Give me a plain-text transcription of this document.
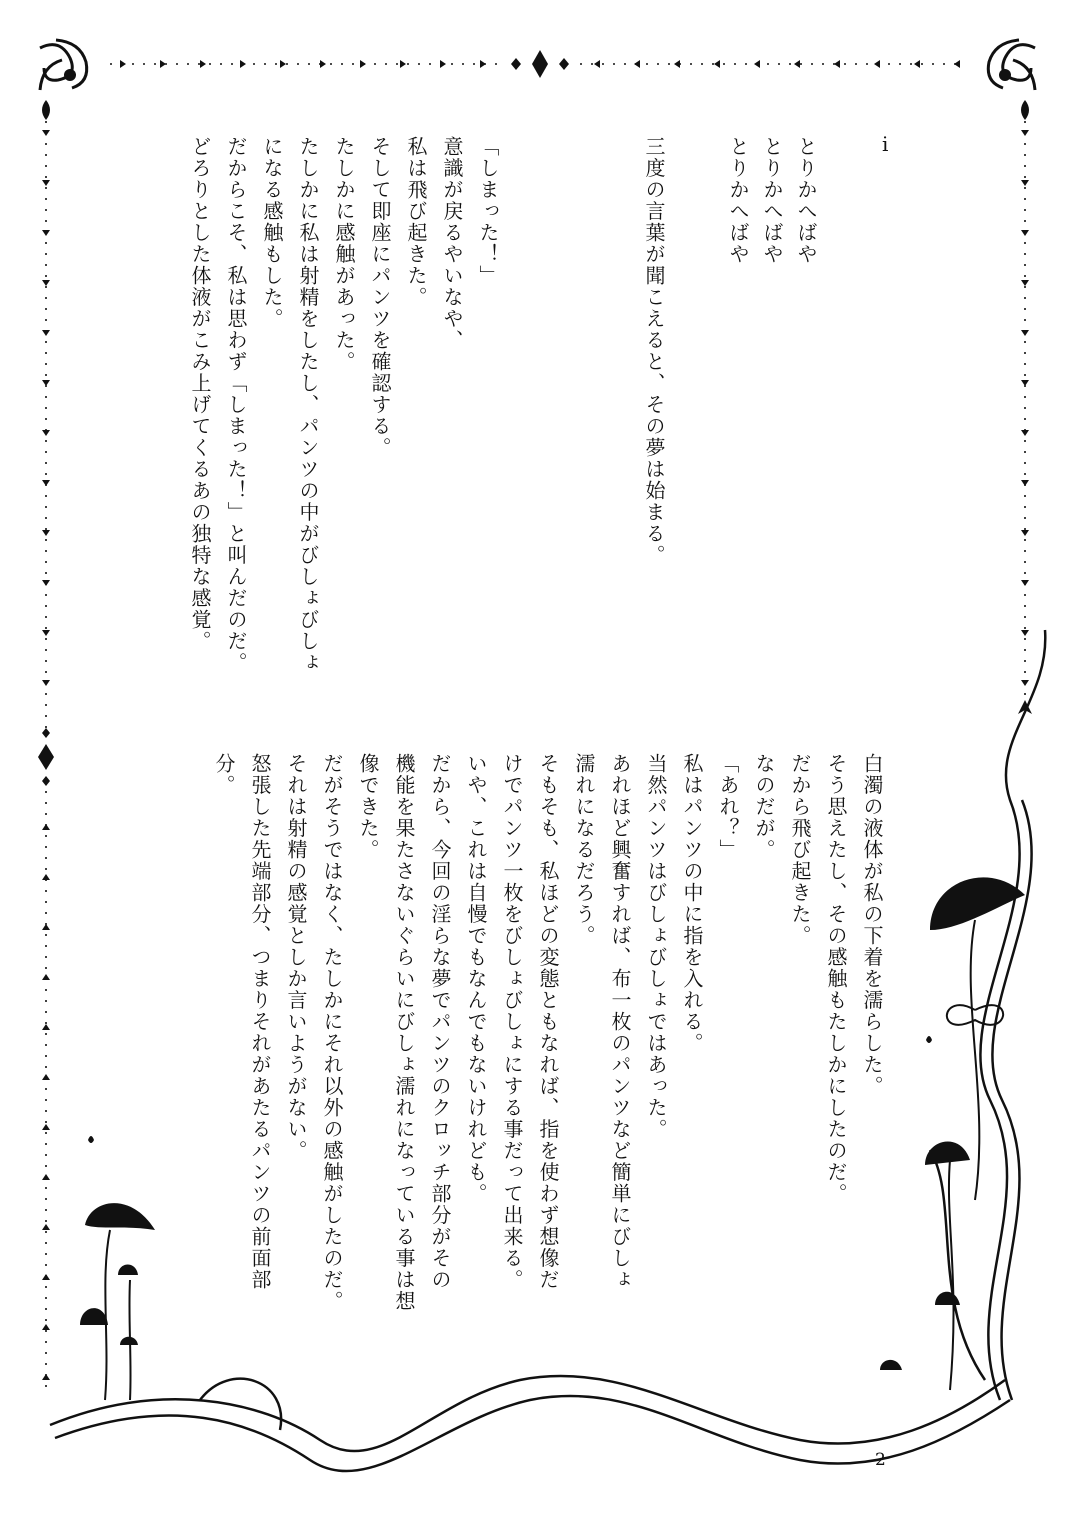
i
とりかへばや
とりかへばや
とりかへばや
三度の言葉が聞こえると、その夢は始まる。
「しまった！」
意識が戻るやいなや、
私は飛び起きた。
そして即座にパンツを確認する。
たしかに感触があった。
たしかに私は射精をしたし、パンツの中がびしょびしょ
になる感触もした。
だからこそ、私は思わず「しまった！」と叫んだのだ。
どろりとした体液がこみ上げてくるあの独特な感覚。
白濁の液体が私の下着を濡らした。
そう思えたし、その感触もたしかにしたのだ。
だから飛び起きた。
なのだが。
「あれ？」
私はパンツの中に指を入れる。
当然パンツはびしょびしょではあった。
あれほど興奮すれば、布一枚のパンツなど簡単にびしょ
濡れになるだろう。
そもそも、私ほどの変態ともなれば、指を使わず想像だ
けでパンツ一枚をびしょびしょにする事だって出来る。
いや、これは自慢でもなんでもないけれども。
だから、今回の淫らな夢でパンツのクロッチ部分がその
機能を果たさないぐらいにびしょ濡れになっている事は想
像できた。
だがそうではなく、たしかにそれ以外の感触がしたのだ。
それは射精の感覚としか言いようがない。
怒張した先端部分、つまりそれがあたるパンツの前面部
分。
2
